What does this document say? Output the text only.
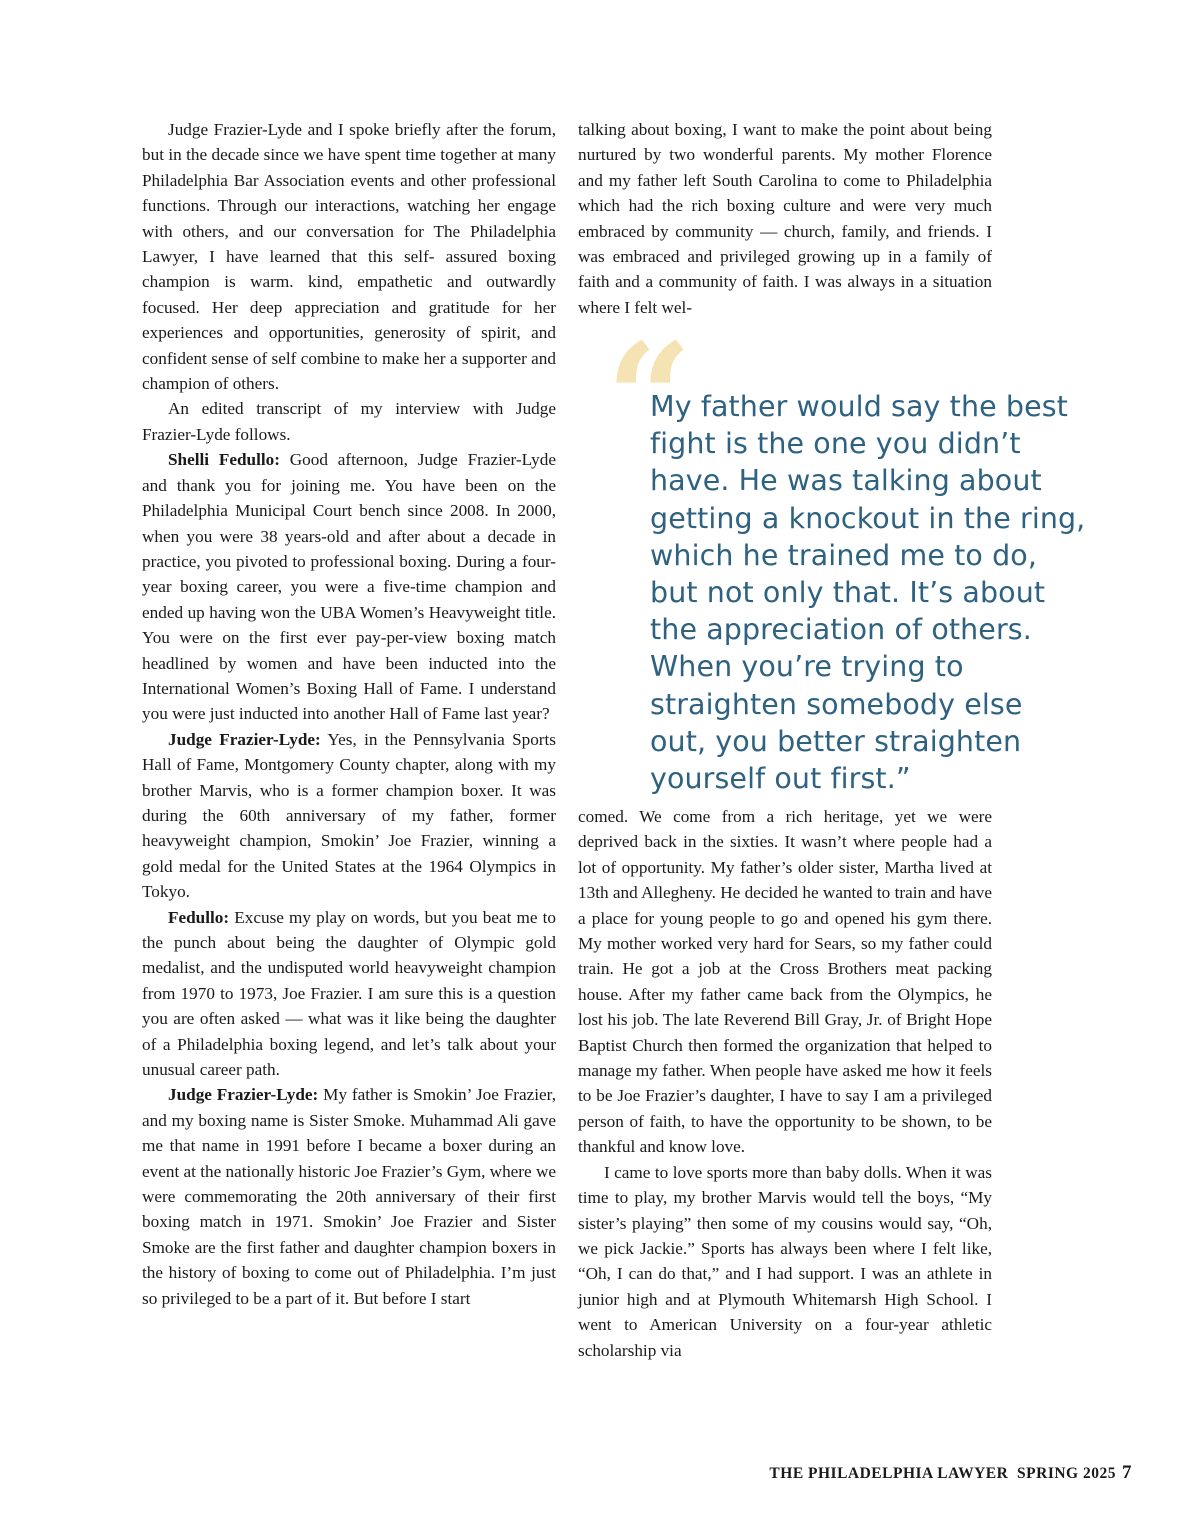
Judge Frazier-Lyde and I spoke briefly after the forum, but in the decade since we have spent time together at many Philadelphia Bar Association events and other professional functions. Through our interactions, watching her engage with others, and our conversation for The Philadelphia Lawyer, I have learned that this self- assured boxing champion is warm. kind, empathetic and outwardly focused. Her deep appreciation and gratitude for her experiences and opportunities, generosity of spirit, and confident sense of self combine to make her a supporter and champion of others.

An edited transcript of my interview with Judge Frazier-Lyde follows.

Shelli Fedullo: Good afternoon, Judge Frazier-Lyde and thank you for joining me. You have been on the Philadelphia Municipal Court bench since 2008. In 2000, when you were 38 years-old and after about a decade in practice, you pivoted to professional boxing. During a four-year boxing career, you were a five-time champion and ended up having won the UBA Women’s Heavyweight title. You were on the first ever pay-per-view boxing match headlined by women and have been inducted into the International Women’s Boxing Hall of Fame. I understand you were just inducted into another Hall of Fame last year?

Judge Frazier-Lyde: Yes, in the Pennsylvania Sports Hall of Fame, Montgomery County chapter, along with my brother Marvis, who is a former champion boxer. It was during the 60th anniversary of my father, former heavyweight champion, Smokin’ Joe Frazier, winning a gold medal for the United States at the 1964 Olympics in Tokyo.

Fedullo: Excuse my play on words, but you beat me to the punch about being the daughter of Olympic gold medalist, and the undisputed world heavyweight champion from 1970 to 1973, Joe Frazier. I am sure this is a question you are often asked — what was it like being the daughter of a Philadelphia boxing legend, and let’s talk about your unusual career path.

Judge Frazier-Lyde: My father is Smokin’ Joe Frazier, and my boxing name is Sister Smoke. Muhammad Ali gave me that name in 1991 before I became a boxer during an event at the nationally historic Joe Frazier’s Gym, where we were commemorating the 20th anniversary of their first boxing match in 1971. Smokin’ Joe Frazier and Sister Smoke are the first father and daughter champion boxers in the history of boxing to come out of Philadelphia. I’m just so privileged to be a part of it. But before I start

talking about boxing, I want to make the point about being nurtured by two wonderful parents. My mother Florence and my father left South Carolina to come to Philadelphia which had the rich boxing culture and were very much embraced by community — church, family, and friends. I was embraced and privileged growing up in a family of faith and a community of faith. I was always in a situation where I felt wel-

“

My father would say the best fight is the one you didn’t have. He was talking about getting a knockout in the ring, which he trained me to do, but not only that. It’s about the appreciation of others. When you’re trying to straighten somebody else out, you better straighten yourself out first.”

comed. We come from a rich heritage, yet we were deprived back in the sixties. It wasn’t where people had a lot of opportunity. My father’s older sister, Martha lived at 13th and Allegheny. He decided he wanted to train and have a place for young people to go and opened his gym there. My mother worked very hard for Sears, so my father could train. He got a job at the Cross Brothers meat packing house. After my father came back from the Olympics, he lost his job. The late Reverend Bill Gray, Jr. of Bright Hope Baptist Church then formed the organization that helped to manage my father. When people have asked me how it feels to be Joe Frazier’s daughter, I have to say I am a privileged person of faith, to have the opportunity to be shown, to be thankful and know love.

I came to love sports more than baby dolls. When it was time to play, my brother Marvis would tell the boys, “My sister’s playing” then some of my cousins would say, “Oh, we pick Jackie.” Sports has always been where I felt like, “Oh, I can do that,” and I had support. I was an athlete in junior high and at Plymouth Whitemarsh High School. I went to American University on a four-year athletic scholarship via

THE PHILADELPHIA LAWYER  SPRING 2025 7
